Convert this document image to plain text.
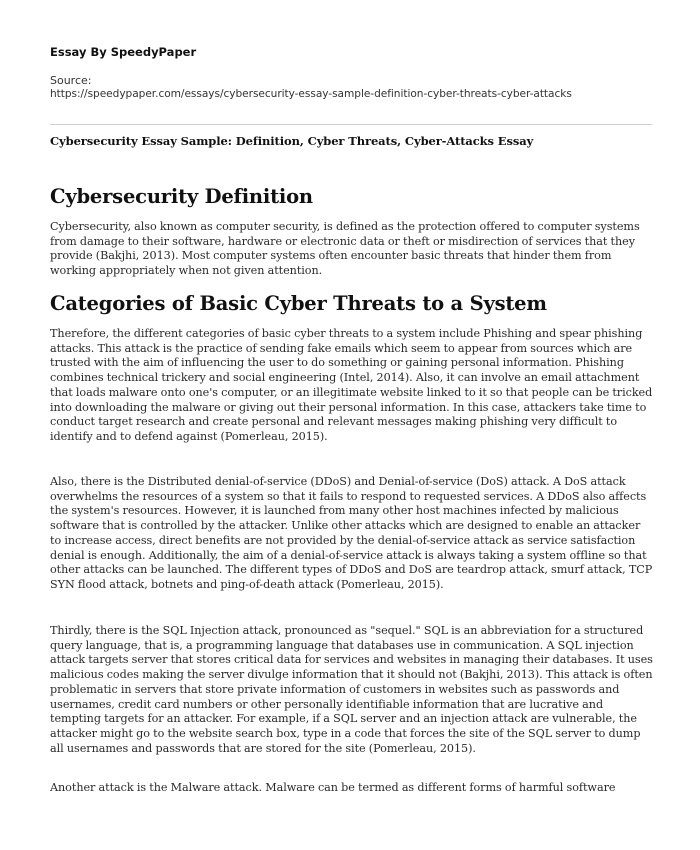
Essay By SpeedyPaper
Source:
https://speedypaper.com/essays/cybersecurity-essay-sample-definition-cyber-threats-cyber-attacks
Cybersecurity Essay Sample: Definition, Cyber Threats, Cyber-Attacks Essay
Cybersecurity Definition

Cybersecurity, also known as computer security, is defined as the protection offered to computer systems from damage to their software, hardware or electronic data or theft or misdirection of services that they provide (Bakjhi, 2013). Most computer systems often encounter basic threats that hinder them from working appropriately when not given attention.

Categories of Basic Cyber Threats to a System

Therefore, the different categories of basic cyber threats to a system include Phishing and spear phishing attacks. This attack is the practice of sending fake emails which seem to appear from sources which are trusted with the aim of influencing the user to do something or gaining personal information. Phishing combines technical trickery and social engineering (Intel, 2014). Also, it can involve an email attachment that loads malware onto one's computer, or an illegitimate website linked to it so that people can be tricked into downloading the malware or giving out their personal information. In this case, attackers take time to conduct target research and create personal and relevant messages making phishing very difficult to identify and to defend against (Pomerleau, 2015).

Also, there is the Distributed denial-of-service (DDoS) and Denial-of-service (DoS) attack. A DoS attack overwhelms the resources of a system so that it fails to respond to requested services. A DDoS also affects the system's resources. However, it is launched from many other host machines infected by malicious software that is controlled by the attacker. Unlike other attacks which are designed to enable an attacker to increase access, direct benefits are not provided by the denial-of-service attack as service satisfaction denial is enough. Additionally, the aim of a denial-of-service attack is always taking a system offline so that other attacks can be launched. The different types of DDoS and DoS are teardrop attack, smurf attack, TCP SYN flood attack, botnets and ping-of-death attack (Pomerleau, 2015).

Thirdly, there is the SQL Injection attack, pronounced as "sequel." SQL is an abbreviation for a structured query language, that is, a programming language that databases use in communication. A SQL injection attack targets server that stores critical data for services and websites in managing their databases. It uses malicious codes making the server divulge information that it should not (Bakjhi, 2013). This attack is often problematic in servers that store private information of customers in websites such as passwords and usernames, credit card numbers or other personally identifiable information that are lucrative and tempting targets for an attacker. For example, if a SQL server and an injection attack are vulnerable, the attacker might go to the website search box, type in a code that forces the site of the SQL server to dump all usernames and passwords that are stored for the site (Pomerleau, 2015).

Another attack is the Malware attack. Malware can be termed as different forms of harmful software
